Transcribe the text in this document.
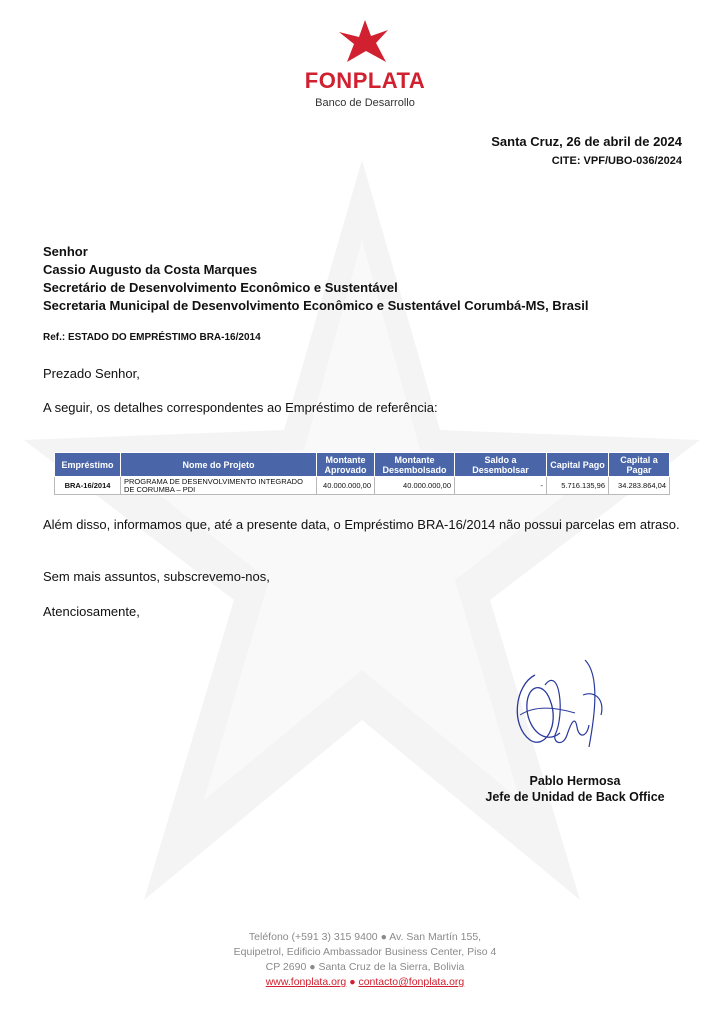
FONPLATA
Banco de Desarrollo
Santa Cruz, 26 de abril de 2024
CITE: VPF/UBO-036/2024
Senhor
Cassio Augusto da Costa Marques
Secretário de Desenvolvimento Econômico e Sustentável
Secretaria Municipal de Desenvolvimento Econômico e Sustentável Corumbá-MS, Brasil
Ref.: ESTADO DO EMPRÉSTIMO BRA-16/2014
Prezado Senhor,
A seguir, os detalhes correspondentes ao Empréstimo de referência:
Empréstimo	Nome do Projeto	Montante Aprovado	Montante Desembolsado	Saldo a Desembolsar	Capital Pago	Capital a Pagar
BRA-16/2014	PROGRAMA DE DESENVOLVIMENTO INTEGRADO DE CORUMBA – PDI	40.000.000,00	40.000.000,00	-	5.716.135,96	34.283.864,04
Além disso, informamos que, até a presente data, o Empréstimo BRA-16/2014 não possui parcelas em atraso.
Sem mais assuntos, subscrevemo-nos,
Atenciosamente,
Pablo Hermosa
Jefe de Unidad de Back Office
Teléfono (+591 3) 315 9400 ● Av. San Martín 155,
Equipetrol, Edificio Ambassador Business Center, Piso 4
CP 2690 ● Santa Cruz de la Sierra, Bolivia
www.fonplata.org ● contacto@fonplata.org
